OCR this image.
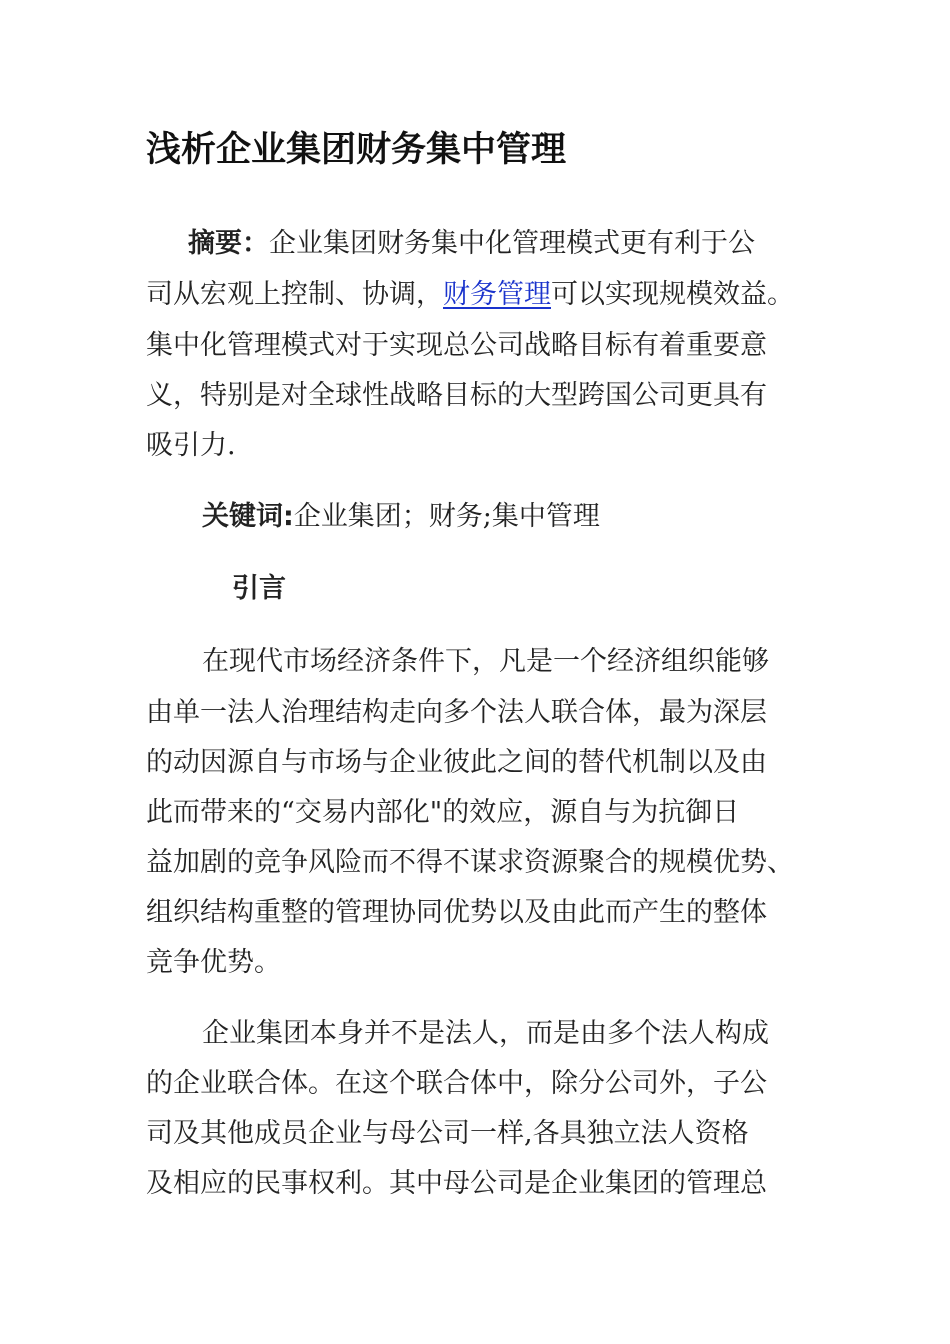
浅析企业集团财务集中管理
摘要：企业集团财务集中化管理模式更有利于公
司从宏观上控制、协调，财务管理可以实现规模效益。
集中化管理模式对于实现总公司战略目标有着重要意
义，特别是对全球性战略目标的大型跨国公司更具有
吸引力.
关键词:企业集团；财务;集中管理
引言
在现代市场经济条件下，凡是一个经济组织能够
由单一法人治理结构走向多个法人联合体，最为深层
的动因源自与市场与企业彼此之间的替代机制以及由
此而带来的“交易内部化"的效应，源自与为抗御日
益加剧的竞争风险而不得不谋求资源聚合的规模优势、
组织结构重整的管理协同优势以及由此而产生的整体
竞争优势。
企业集团本身并不是法人，而是由多个法人构成
的企业联合体。在这个联合体中，除分公司外，子公
司及其他成员企业与母公司一样,各具独立法人资格
及相应的民事权利。其中母公司是企业集团的管理总
